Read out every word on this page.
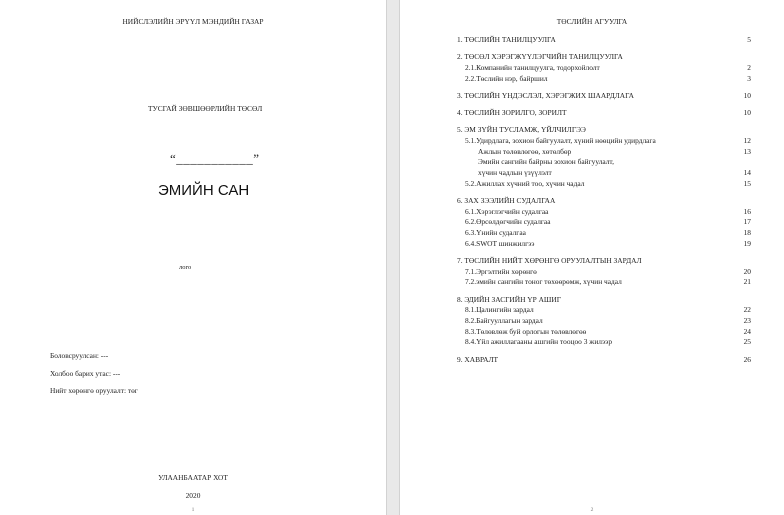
НИЙСЛЭЛИЙН ЭРҮҮЛ МЭНДИЙН ГАЗАР
ТУСГАЙ ЗӨВШӨӨРЛИЙН ТӨСӨЛ
“___________”
ЭМИЙН САН
лого
Боловсруулсан: ---
Холбоо барих утас: ---
Нийт хөрөнгө оруулалт: төг
УЛААНБААТАР ХОТ
2020
1
ТӨСЛИЙН АГУУЛГА
1. ТӨСЛИЙН ТАНИЛЦУУЛГА	5
2. ТӨСӨЛ ХЭРЭГЖҮҮЛЭГЧИЙН ТАНИЛЦУУЛГА
2.1.Компанийн танилцуулга, тодорхойлолт	2
2.2.Төслийн нэр, байршил	3
3. ТӨСЛИЙН ҮНДЭСЛЭЛ, ХЭРЭГЖИХ ШААРДЛАГА	10
4. ТӨСЛИЙН ЗОРИЛГО, ЗОРИЛТ	10
5. ЭМ ЗҮЙН ТУСЛАМЖ, ҮЙЛЧИЛГЭЭ
5.1.Удирдлага, зохион байгуулалт, хүний нөөцийн удирдлага	12
Ажлын төлөвлөгөө, хөтөлбөр	13
Эмийн сангийн байрны зохион байгуулалт,
хүчин чадлын үзүүлэлт	14
5.2.Ажиллах хүчний тоо, хүчин чадал	15
6. ЗАХ ЗЭЭЛИЙН СУДАЛГАА
6.1.Хэрэглэгчийн судалгаа	16
6.2.Өрсөлдөгчийн судалгаа	17
6.3.Үнийн судалгаа	18
6.4.SWOT шинжилгээ	19
7. ТӨСЛИЙН НИЙТ ХӨРӨНГӨ ОРУУЛАЛТЫН ЗАРДАЛ
7.1.Эргэлтийн хөрөнгө	20
7.2.эмийн сангийн тоног төхөөрөмж, хүчин чадал	21
8. ЭДИЙН ЗАСГИЙН ҮР АШИГ
8.1.Цалингийн зардал	22
8.2.Байгууллагын зардал	23
8.3.Төлөвлөж буй орлогын төлөвлөгөө	24
8.4.Үйл ажиллагааны ашгийн тооцоо 3 жилээр	25
9. ХАВРАЛТ	26
2
